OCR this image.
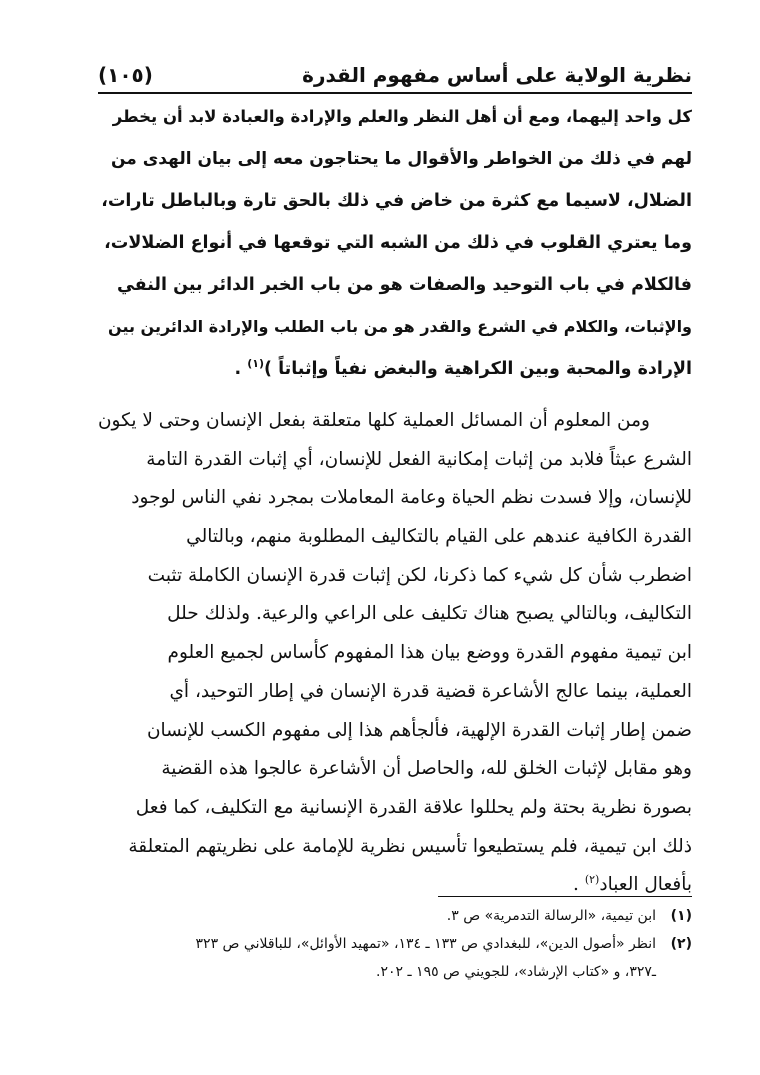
نظرية الولاية على أساس مفهوم القدرة
(١٠٥)
كل واحد إليهما، ومع أن أهل النظر والعلم والإرادة والعبادة لابد أن يخطر
لهم في ذلك من الخواطر والأقوال ما يحتاجون معه إلى بيان الهدى من
الضلال، لاسيما مع كثرة من خاض في ذلك بالحق تارة وبالباطل تارات،
وما يعتري القلوب في ذلك من الشبه التي توقعها في أنواع الضلالات،
فالكلام في باب التوحيد والصفات هو من باب الخبر الدائر بين النفي
والإثبات، والكلام في الشرع والقدر هو من باب الطلب والإرادة الدائرين بين
الإرادة والمحبة وبين الكراهية والبغض نفياً وإثباتاً )$^{(١)}$ .
ومن المعلوم أن المسائل العملية كلها متعلقة بفعل الإنسان وحتى لا يكون
الشرع عبثاً فلابد من إثبات إمكانية الفعل للإنسان، أي إثبات القدرة التامة
للإنسان، وإلا فسدت نظم الحياة وعامة المعاملات بمجرد نفي الناس لوجود
القدرة الكافية عندهم على القيام بالتكاليف المطلوبة منهم، وبالتالي
اضطرب شأن كل شيء كما ذكرنا، لكن إثبات قدرة الإنسان الكاملة تثبت
التكاليف، وبالتالي يصبح هناك تكليف على الراعي والرعية. ولذلك حلل
ابن تيمية مفهوم القدرة ووضع بيان هذا المفهوم كأساس لجميع العلوم
العملية، بينما عالج الأشاعرة قضية قدرة الإنسان في إطار التوحيد، أي
ضمن إطار إثبات القدرة الإلهية، فألجأهم هذا إلى مفهوم الكسب للإنسان
وهو مقابل لإثبات الخلق لله، والحاصل أن الأشاعرة عالجوا هذه القضية
بصورة نظرية بحتة ولم يحللوا علاقة القدرة الإنسانية مع التكليف، كما فعل
ذلك ابن تيمية، فلم يستطيعوا تأسيس نظرية للإمامة على نظريتهم المتعلقة
بأفعال العباد$^{(٢)}$ .
(١)
ابن تيمية، «الرسالة التدمرية» ص ٣.
(٢)
انظر «أصول الدين»، للبغدادي ص ١٣٣ ـ ١٣٤، «تمهيد الأوائل»، للباقلاني ص ٣٢٣
ـ٣٢٧، و «كتاب الإرشاد»، للجويني ص ١٩٥ ـ ٢٠٢.
